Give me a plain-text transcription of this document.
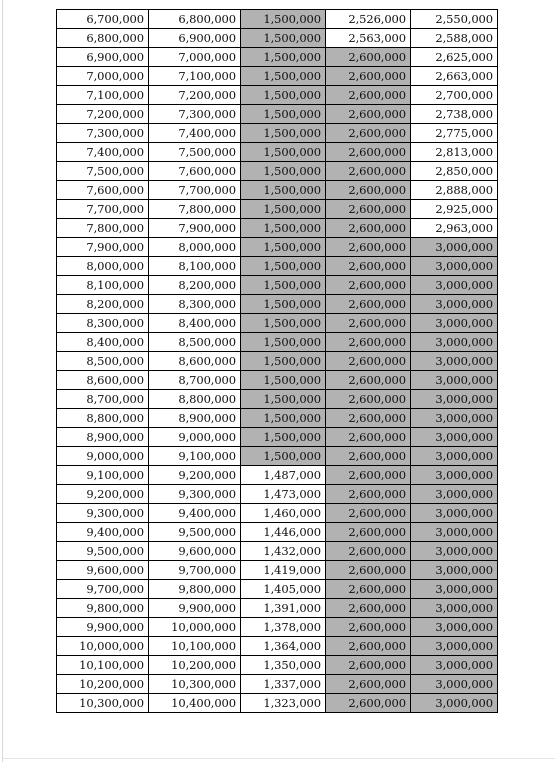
6,700,000	6,800,000	1,500,000	2,526,000	2,550,000
6,800,000	6,900,000	1,500,000	2,563,000	2,588,000
6,900,000	7,000,000	1,500,000	2,600,000	2,625,000
7,000,000	7,100,000	1,500,000	2,600,000	2,663,000
7,100,000	7,200,000	1,500,000	2,600,000	2,700,000
7,200,000	7,300,000	1,500,000	2,600,000	2,738,000
7,300,000	7,400,000	1,500,000	2,600,000	2,775,000
7,400,000	7,500,000	1,500,000	2,600,000	2,813,000
7,500,000	7,600,000	1,500,000	2,600,000	2,850,000
7,600,000	7,700,000	1,500,000	2,600,000	2,888,000
7,700,000	7,800,000	1,500,000	2,600,000	2,925,000
7,800,000	7,900,000	1,500,000	2,600,000	2,963,000
7,900,000	8,000,000	1,500,000	2,600,000	3,000,000
8,000,000	8,100,000	1,500,000	2,600,000	3,000,000
8,100,000	8,200,000	1,500,000	2,600,000	3,000,000
8,200,000	8,300,000	1,500,000	2,600,000	3,000,000
8,300,000	8,400,000	1,500,000	2,600,000	3,000,000
8,400,000	8,500,000	1,500,000	2,600,000	3,000,000
8,500,000	8,600,000	1,500,000	2,600,000	3,000,000
8,600,000	8,700,000	1,500,000	2,600,000	3,000,000
8,700,000	8,800,000	1,500,000	2,600,000	3,000,000
8,800,000	8,900,000	1,500,000	2,600,000	3,000,000
8,900,000	9,000,000	1,500,000	2,600,000	3,000,000
9,000,000	9,100,000	1,500,000	2,600,000	3,000,000
9,100,000	9,200,000	1,487,000	2,600,000	3,000,000
9,200,000	9,300,000	1,473,000	2,600,000	3,000,000
9,300,000	9,400,000	1,460,000	2,600,000	3,000,000
9,400,000	9,500,000	1,446,000	2,600,000	3,000,000
9,500,000	9,600,000	1,432,000	2,600,000	3,000,000
9,600,000	9,700,000	1,419,000	2,600,000	3,000,000
9,700,000	9,800,000	1,405,000	2,600,000	3,000,000
9,800,000	9,900,000	1,391,000	2,600,000	3,000,000
9,900,000	10,000,000	1,378,000	2,600,000	3,000,000
10,000,000	10,100,000	1,364,000	2,600,000	3,000,000
10,100,000	10,200,000	1,350,000	2,600,000	3,000,000
10,200,000	10,300,000	1,337,000	2,600,000	3,000,000
10,300,000	10,400,000	1,323,000	2,600,000	3,000,000
